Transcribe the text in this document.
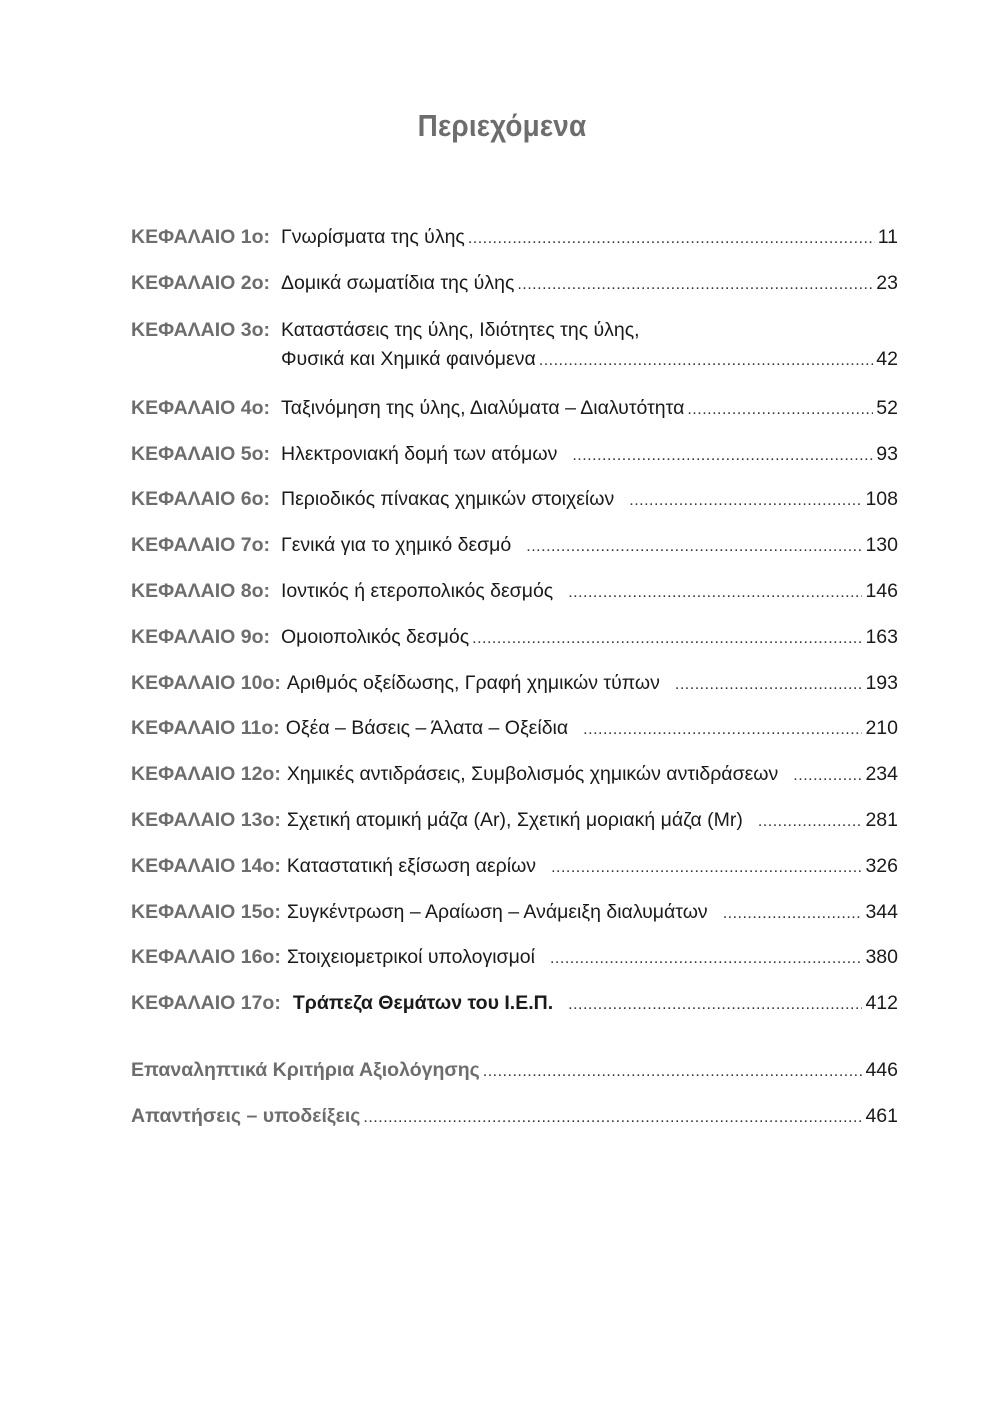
Περιεχόμενα
ΚΕΦΑΛΑΙΟ 1ο: Γνωρίσματα της ύλης .....	11
ΚΕΦΑΛΑΙΟ 2ο: Δομικά σωματίδια της ύλης .....	23
ΚΕΦΑΛΑΙΟ 3ο: Καταστάσεις της ύλης, Ιδιότητες της ύλης,
Φυσικά και Χημικά φαινόμενα .....	42
ΚΕΦΑΛΑΙΟ 4ο: Ταξινόμηση της ύλης, Διαλύματα – Διαλυτότητα .....	52
ΚΕΦΑΛΑΙΟ 5ο: Ηλεκτρονιακή δομή των ατόμων .....	93
ΚΕΦΑΛΑΙΟ 6ο: Περιοδικός πίνακας χημικών στοιχείων .....	108
ΚΕΦΑΛΑΙΟ 7ο: Γενικά για το χημικό δεσμό .....	130
ΚΕΦΑΛΑΙΟ 8ο: Ιοντικός ή ετεροπολικός δεσμός .....	146
ΚΕΦΑΛΑΙΟ 9ο: Ομοιοπολικός δεσμός .....	163
ΚΕΦΑΛΑΙΟ 10ο: Αριθμός οξείδωσης, Γραφή χημικών τύπων .....	193
ΚΕΦΑΛΑΙΟ 11ο: Οξέα – Βάσεις – Άλατα – Οξείδια .....	210
ΚΕΦΑΛΑΙΟ 12ο: Χημικές αντιδράσεις, Συμβολισμός χημικών αντιδράσεων .....	234
ΚΕΦΑΛΑΙΟ 13ο: Σχετική ατομική μάζα (Ar), Σχετική μοριακή μάζα (Mr) .....	281
ΚΕΦΑΛΑΙΟ 14ο: Καταστατική εξίσωση αερίων .....	326
ΚΕΦΑΛΑΙΟ 15ο: Συγκέντρωση – Αραίωση – Ανάμειξη διαλυμάτων .....	344
ΚΕΦΑΛΑΙΟ 16ο: Στοιχειομετρικοί υπολογισμοί .....	380
ΚΕΦΑΛΑΙΟ 17ο: Τράπεζα Θεμάτων του Ι.Ε.Π. .....	412
Επαναληπτικά Κριτήρια Αξιολόγησης .....	446
Απαντήσεις – υποδείξεις .....	461
